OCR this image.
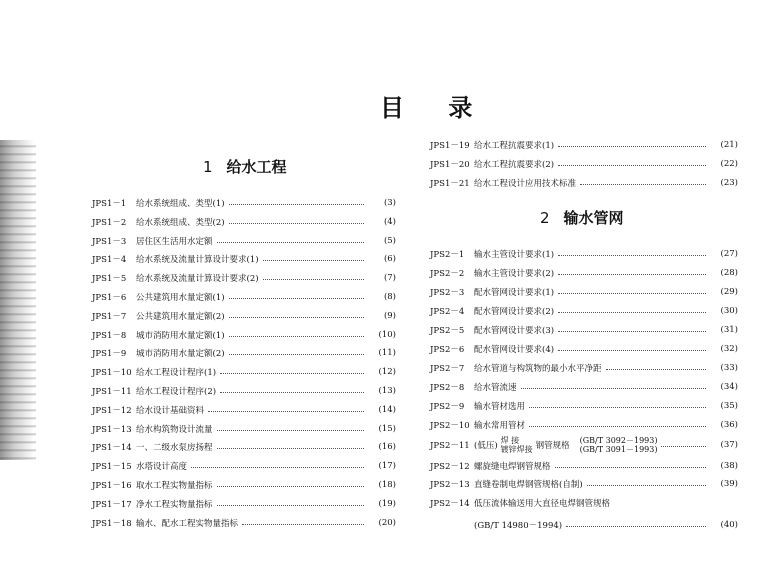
目 录
1 给水工程
JPS1－1	给水系统组成、类型(1)	(3)
JPS1－2	给水系统组成、类型(2)	(4)
JPS1－3	居住区生活用水定额	(5)
JPS1－4	给水系统及流量计算设计要求(1)	(6)
JPS1－5	给水系统及流量计算设计要求(2)	(7)
JPS1－6	公共建筑用水量定额(1)	(8)
JPS1－7	公共建筑用水量定额(2)	(9)
JPS1－8	城市消防用水量定额(1)	(10)
JPS1－9	城市消防用水量定额(2)	(11)
JPS1－10 给水工程设计程序(1)	(12)
JPS1－11 给水工程设计程序(2)	(13)
JPS1－12 给水设计基础资料	(14)
JPS1－13 给水构筑物设计流量	(15)
JPS1－14 一、二级水泵房扬程	(16)
JPS1－15 水塔设计高度	(17)
JPS1－16 取水工程实物量指标	(18)
JPS1－17 净水工程实物量指标	(19)
JPS1－18 输水、配水工程实物量指标	(20)
JPS1－19 给水工程抗震要求(1)	(21)
JPS1－20 给水工程抗震要求(2)	(22)
JPS1－21 给水工程设计应用技术标准	(23)
2 输水管网
JPS2－1	输水主管设计要求(1)	(27)
JPS2－2	输水主管设计要求(2)	(28)
JPS2－3	配水管网设计要求(1)	(29)
JPS2－4	配水管网设计要求(2)	(30)
JPS2－5	配水管网设计要求(3)	(31)
JPS2－6	配水管网设计要求(4)	(32)
JPS2－7	给水管道与构筑物的最小水平净距	(33)
JPS2－8	给水管流速	(34)
JPS2－9	输水管材选用	(35)
JPS2－10 输水常用管材	(36)
JPS2－11 (低压)
焊 接
镀锌焊接 钢管规格
(GB/T 3092－1993)
(GB/T 3091－1993)	(37)
JPS2－12 螺旋缝电焊钢管规格	(38)
JPS2－13 直缝卷制电焊钢管规格(自制)	(39)
JPS2－14 低压流体输送用大直径电焊钢管规格
(GB/T 14980－1994)	(40)
